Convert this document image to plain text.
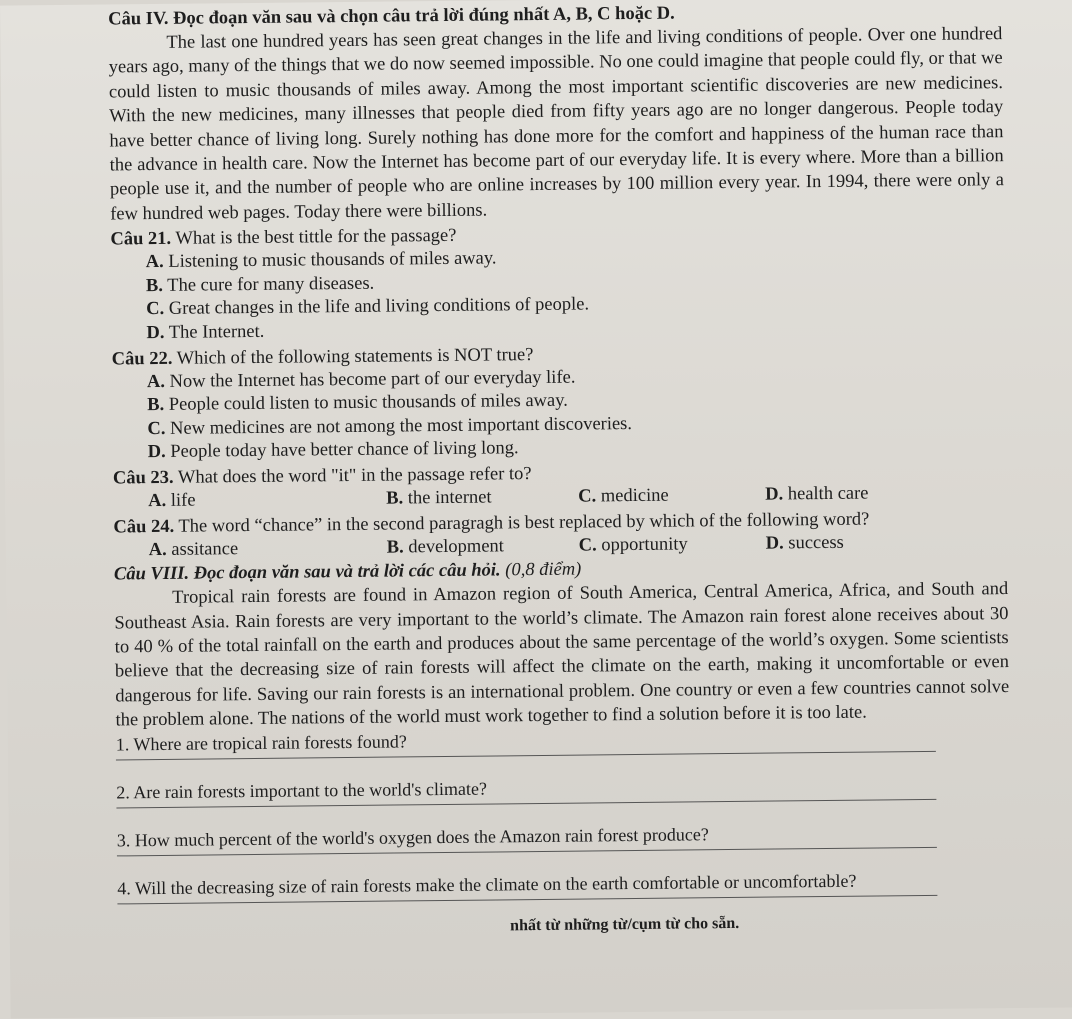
Câu IV. Đọc đoạn văn sau và chọn câu trả lời đúng nhất A, B, C hoặc D.

The last one hundred years has seen great changes in the life and living conditions of people. Over one hundred years ago, many of the things that we do now seemed impossible. No one could imagine that people could fly, or that we could listen to music thousands of miles away. Among the most important scientific discoveries are new medicines. With the new medicines, many illnesses that people died from fifty years ago are no longer dangerous. People today have better chance of living long. Surely nothing has done more for the comfort and happiness of the human race than the advance in health care. Now the Internet has become part of our everyday life. It is every where. More than a billion people use it, and the number of people who are online increases by 100 million every year. In 1994, there were only a few hundred web pages. Today there were billions.

Câu 21. What is the best tittle for the passage?

A. Listening to music thousands of miles away.

B. The cure for many diseases.

C. Great changes in the life and living conditions of people.

D. The Internet.

Câu 22. Which of the following statements is NOT true?

A. Now the Internet has become part of our everyday life.

B. People could listen to music thousands of miles away.

C. New medicines are not among the most important discoveries.

D. People today have better chance of living long.

Câu 23. What does the word "it" in the passage refer to?

A. life	B. the internet	C. medicine	D. health care

Câu 24. The word “chance” in the second paragragh is best replaced by which of the following word?

A. assitance	B. development	C. opportunity	D. success

Câu VIII. Đọc đoạn văn sau và trả lời các câu hỏi. (0,8 điểm)

Tropical rain forests are found in Amazon region of South America, Central America, Africa, and South and Southeast Asia. Rain forests are very important to the world’s climate. The Amazon rain forest alone receives about 30 to 40 % of the total rainfall on the earth and produces about the same percentage of the world’s oxygen. Some scientists believe that the decreasing size of rain forests will affect the climate on the earth, making it uncomfortable or even dangerous for life. Saving our rain forests is an international problem. One country or even a few countries cannot solve the problem alone. The nations of the world must work together to find a solution before it is too late.

1. Where are tropical rain forests found?

2. Are rain forests important to the world's climate?

3. How much percent of the world's oxygen does the Amazon rain forest produce?

4. Will the decreasing size of rain forests make the climate on the earth comfortable or uncomfortable?

nhất từ những từ/cụm từ cho sẵn.
